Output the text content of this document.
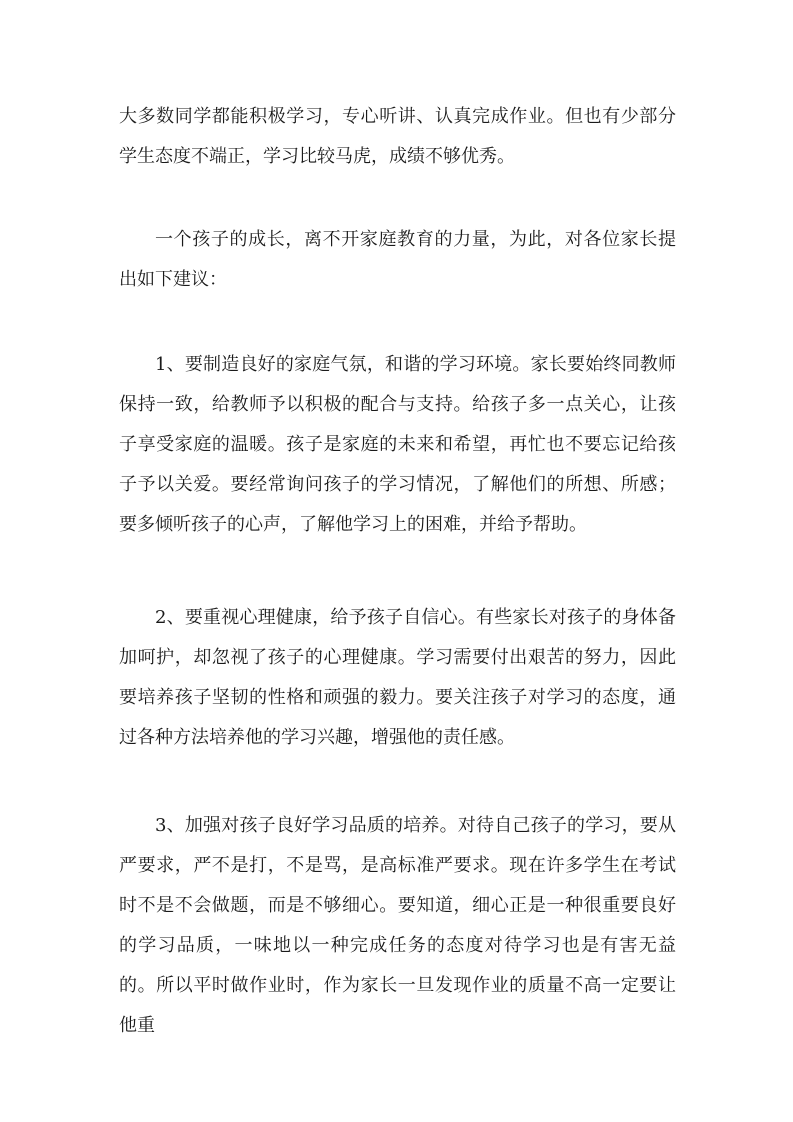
大多数同学都能积极学习，专心听讲、认真完成作业。但也有少部分学生态度不端正，学习比较马虎，成绩不够优秀。

一个孩子的成长，离不开家庭教育的力量，为此，对各位家长提出如下建议：

1、要制造良好的家庭气氛，和谐的学习环境。家长要始终同教师保持一致，给教师予以积极的配合与支持。给孩子多一点关心，让孩子享受家庭的温暖。孩子是家庭的未来和希望，再忙也不要忘记给孩子予以关爱。要经常询问孩子的学习情况，了解他们的所想、所感；要多倾听孩子的心声，了解他学习上的困难，并给予帮助。

2、要重视心理健康，给予孩子自信心。有些家长对孩子的身体备加呵护，却忽视了孩子的心理健康。学习需要付出艰苦的努力，因此要培养孩子坚韧的性格和顽强的毅力。要关注孩子对学习的态度，通过各种方法培养他的学习兴趣，增强他的责任感。

3、加强对孩子良好学习品质的培养。对待自己孩子的学习，要从严要求，严不是打，不是骂，是高标准严要求。现在许多学生在考试时不是不会做题，而是不够细心。要知道，细心正是一种很重要良好的学习品质，一味地以一种完成任务的态度对待学习也是有害无益的。所以平时做作业时，作为家长一旦发现作业的质量不高一定要让他重
